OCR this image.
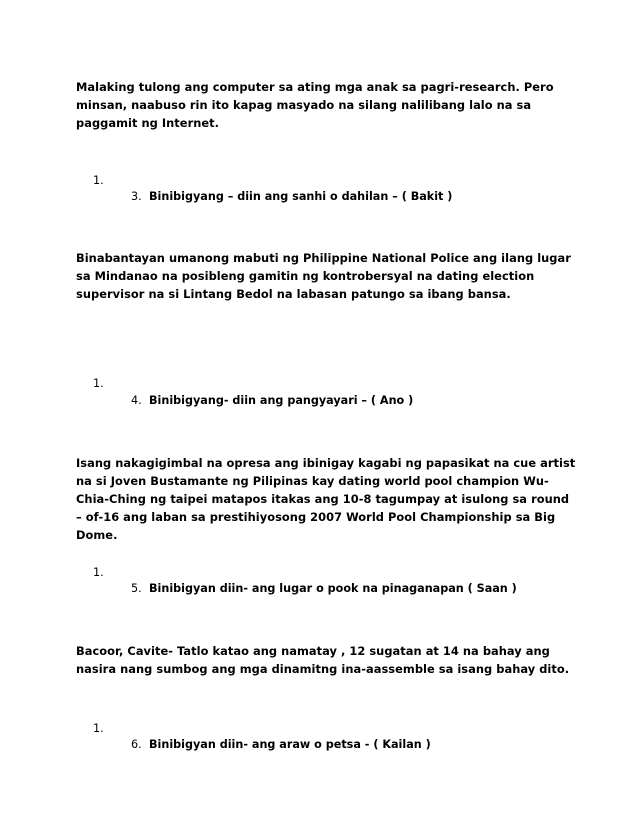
Malaking tulong ang computer sa ating mga anak sa pagri-research. Pero minsan, naabuso rin ito kapag masyado na silang nalilibang lalo na sa paggamit ng Internet.
1.
3. Binibigyang – diin ang sanhi o dahilan – ( Bakit )
Binabantayan umanong mabuti ng Philippine National Police ang ilang lugar sa Mindanao na posibleng gamitin ng kontrobersyal na dating election supervisor na si Lintang Bedol na labasan patungo sa ibang bansa.
1.
4. Binibigyang- diin ang pangyayari – ( Ano )
Isang nakagigimbal na opresa ang ibinigay kagabi ng papasikat na cue artist na si Joven Bustamante ng Pilipinas kay dating world pool champion Wu-Chia-Ching ng taipei matapos itakas ang 10-8 tagumpay at isulong sa round – of-16 ang laban sa prestihiyosong 2007 World Pool Championship sa Big Dome.
1.
5. Binibigyan diin- ang lugar o pook na pinaganapan ( Saan )
Bacoor, Cavite- Tatlo katao ang namatay , 12 sugatan at 14 na bahay ang nasira nang sumbog ang mga dinamitng ina-aassemble sa isang bahay dito.
1.
6. Binibigyan diin- ang araw o petsa - ( Kailan )
